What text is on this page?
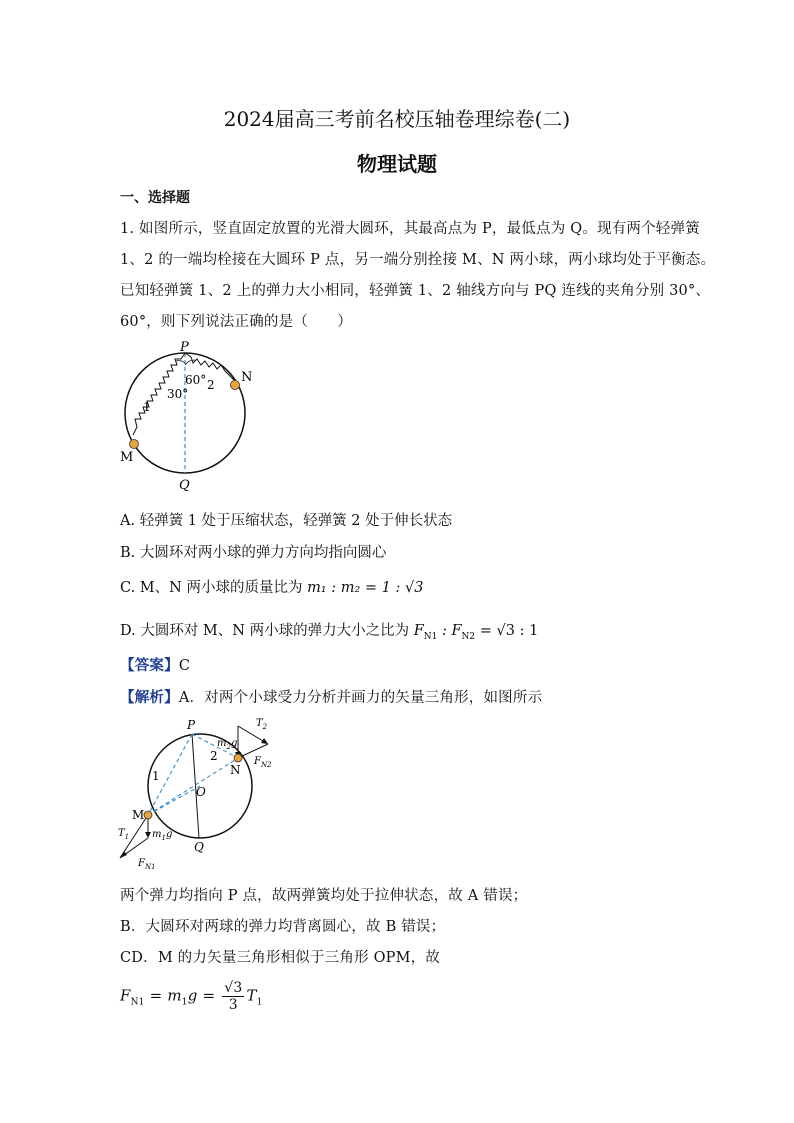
2024届高三考前名校压轴卷理综卷(二)
物理试题
一、选择题
1. 如图所示，竖直固定放置的光滑大圆环，其最高点为 P，最低点为 Q。现有两个轻弹簧
1、2 的一端均栓接在大圆环 P 点，另一端分别拴接 M、N 两小球，两小球均处于平衡态。
已知轻弹簧 1、2 上的弹力大小相同，轻弹簧 1、2 轴线方向与 PQ 连线的夹角分别 30°、
60°，则下列说法正确的是（　　）
P
Q
M
N
60°
30°
1
2
A. 轻弹簧 1 处于压缩状态，轻弹簧 2 处于伸长状态
B. 大圆环对两小球的弹力方向均指向圆心
C. M、N 两小球的质量比为 m₁ : m₂ = 1 : √3
D. 大圆环对 M、N 两小球的弹力大小之比为 $F_{N1}$ : $F_{N2} = √3$ : 1
【答案】C
【解析】A．对两个小球受力分析并画力的矢量三角形，如图所示
P
N
M
O
Q
1
2
$T_2$
$m_2g$
$F_{N2}$
$T_1$ $m_1g$
$F_{N1}$
两个弹力均指向 P 点，故两弹簧均处于拉伸状态，故 A 错误；
B．大圆环对两球的弹力均背离圆心，故 B 错误；
CD．M 的力矢量三角形相似于三角形 OPM，故
$F_{N1} = m_1g = \frac{√3}{3} T_1$
